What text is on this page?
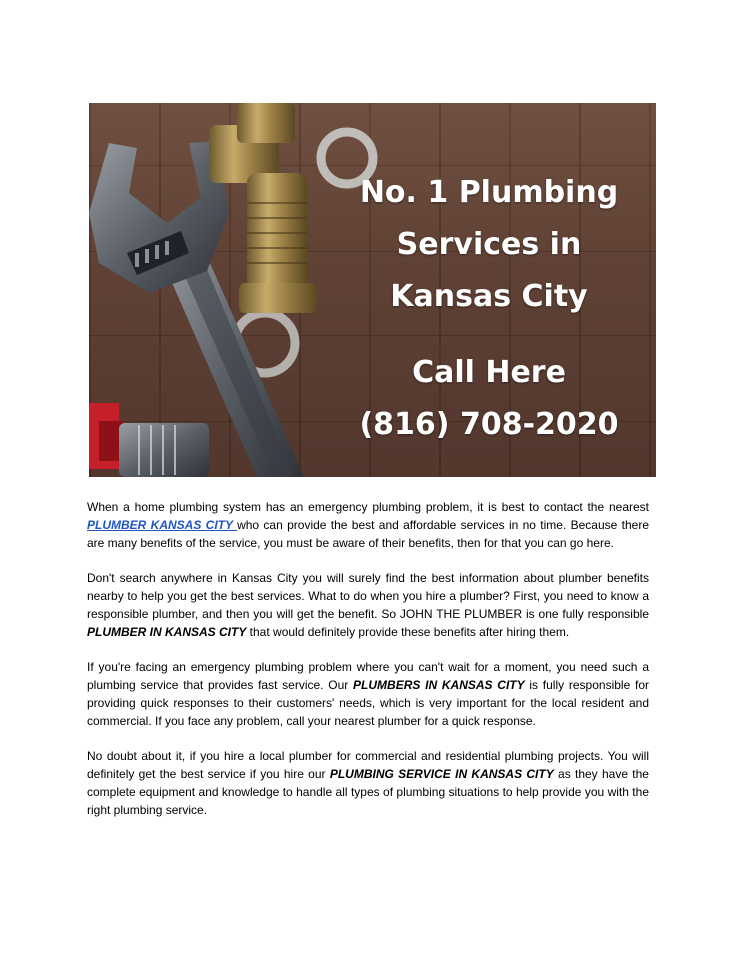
No. 1 Plumbing
Services in
Kansas City

Call Here

(816) 708-2020

When a home plumbing system has an emergency plumbing problem, it is best to contact the nearest PLUMBER KANSAS CITY who can provide the best and affordable services in no time. Because there are many benefits of the service, you must be aware of their benefits, then for that you can go here.

Don't search anywhere in Kansas City you will surely find the best information about plumber benefits nearby to help you get the best services. What to do when you hire a plumber? First, you need to know a responsible plumber, and then you will get the benefit. So JOHN THE PLUMBER is one fully responsible PLUMBER IN KANSAS CITY that would definitely provide these benefits after hiring them.

If you're facing an emergency plumbing problem where you can't wait for a moment, you need such a plumbing service that provides fast service. Our PLUMBERS IN KANSAS CITY is fully responsible for providing quick responses to their customers' needs, which is very important for the local resident and commercial. If you face any problem, call your nearest plumber for a quick response.

No doubt about it, if you hire a local plumber for commercial and residential plumbing projects. You will definitely get the best service if you hire our PLUMBING SERVICE IN KANSAS CITY as they have the complete equipment and knowledge to handle all types of plumbing situations to help provide you with the right plumbing service.
